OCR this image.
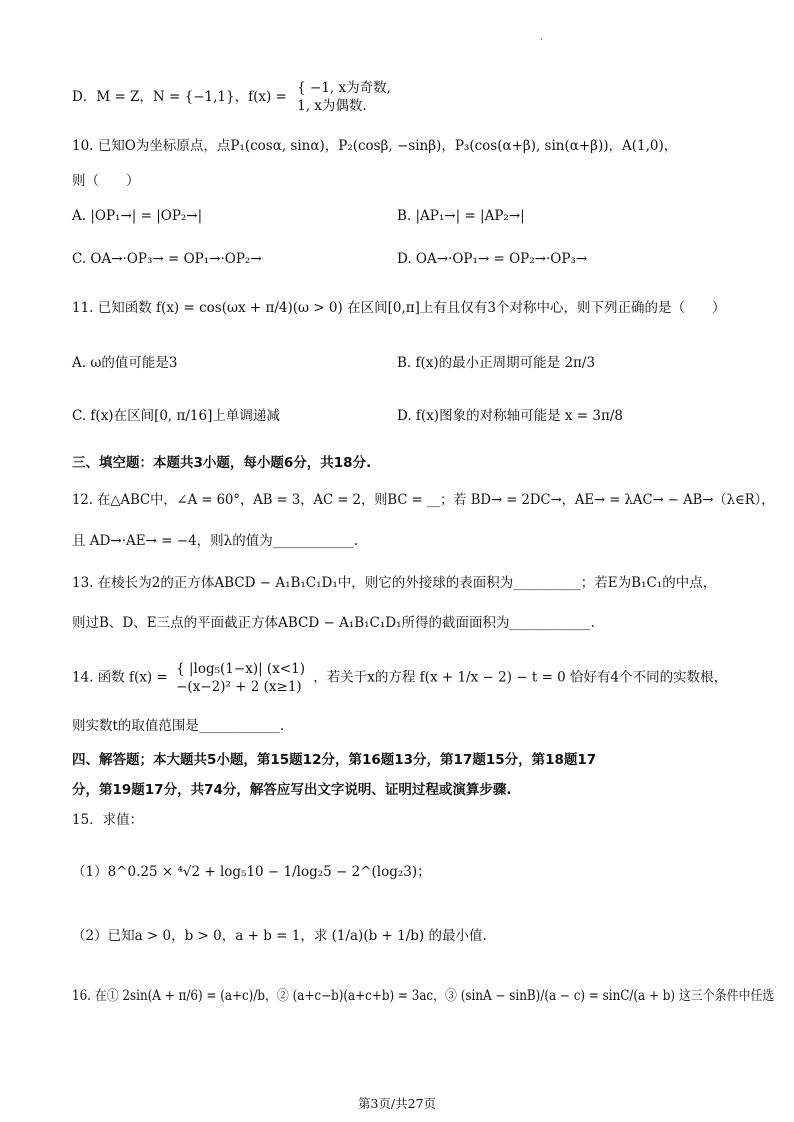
.
D．M = Z，N = {−1,1}，f(x) =
{ −1, x为奇数,
1, x为偶数.
10. 已知O为坐标原点，点P₁(cosα, sinα)，P₂(cosβ, −sinβ)，P₃(cos(α+β), sin(α+β))，A(1,0)，
则（　　）
A. |OP₁→| = |OP₂→|	B. |AP₁→| = |AP₂→|
C. OA→·OP₃→ = OP₁→·OP₂→	D. OA→·OP₁→ = OP₂→·OP₃→
11. 已知函数 f(x) = cos(ωx + π/4)(ω > 0) 在区间[0,π]上有且仅有3个对称中心，则下列正确的是（　　）
A. ω的值可能是3	B. f(x)的最小正周期可能是 2π/3
C. f(x)在区间[0, π/16]上单调递减	D. f(x)图象的对称轴可能是 x = 3π/8
三、填空题：本题共3小题，每小题6分，共18分.
12. 在△ABC中，∠A = 60°，AB = 3，AC = 2，则BC = __；若 BD→ = 2DC→，AE→ = λAC→ − AB→（λ∈R），
且 AD→·AE→ = −4，则λ的值为____________.
13. 在棱长为2的正方体ABCD − A₁B₁C₁D₁中，则它的外接球的表面积为__________；若E为B₁C₁的中点，
则过B、D、E三点的平面截正方体ABCD − A₁B₁C₁D₁所得的截面面积为____________.
14. 函数 f(x) =
{ |log₅(1−x)| (x<1)
−(x−2)² + 2 (x≥1)
，若关于x的方程 f(x + 1/x − 2) − t = 0 恰好有4个不同的实数根，
则实数t的取值范围是____________.
四、解答题；本大题共5小题，第15题12分，第16题13分，第17题15分，第18题17
分，第19题17分，共74分，解答应写出文字说明、证明过程或演算步骤.
15．求值：
（1）8^0.25 × ⁴√2 + log₅10 − 1/log₂5 − 2^(log₂3)；
（2）已知a > 0，b > 0，a + b = 1，求 (1/a)(b + 1/b) 的最小值.
16. 在① 2sin(A + π/6) = (a+c)/b，② (a+c−b)(a+c+b) = 3ac，③ (sinA − sinB)/(a − c) = sinC/(a + b) 这三个条件中任选
第3页/共27页
